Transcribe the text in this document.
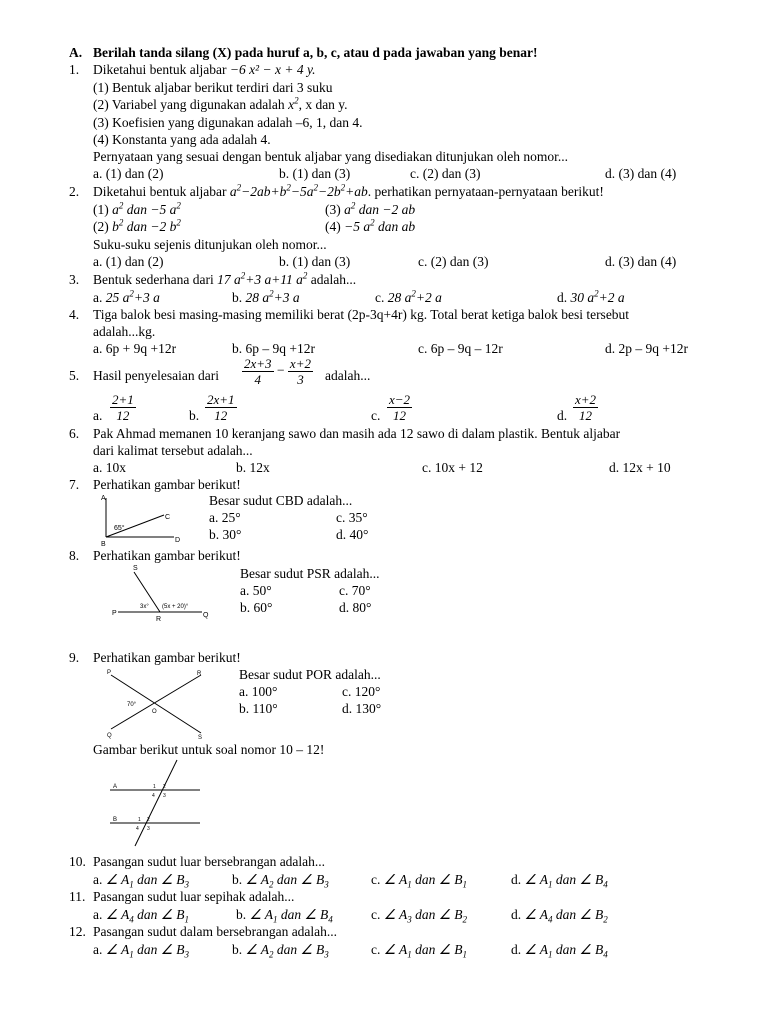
A. Berilah tanda silang (X) pada huruf a, b, c, atau d pada jawaban yang benar!
1. Diketahui bentuk aljabar −6 x² − x + 4 y.
(1) Bentuk aljabar berikut terdiri dari 3 suku
(2) Variabel yang digunakan adalah $x^2$, x dan y.
(3) Koefisien yang digunakan adalah –6, 1, dan 4.
(4) Konstanta yang ada adalah 4.
Pernyataan yang sesuai dengan bentuk aljabar yang disediakan ditunjukan oleh nomor...
a. (1) dan (2)	b. (1) dan (3)	c. (2) dan (3)	d. (3) dan (4)
2. Diketahui bentuk aljabar $a^2-2ab+b^2-5a^2-2b^2+ab$. perhatikan pernyataan-pernyataan berikut!
(1) $a^2$ dan −5 $a^2$	(3) $a^2$ dan −2 ab
(2) $b^2$ dan −2 $b^2$	(4) −5 $a^2$ dan ab
Suku-suku sejenis ditunjukan oleh nomor...
a. (1) dan (2)	b. (1) dan (3)	c. (2) dan (3)	d. (3) dan (4)
3. Bentuk sederhana dari 17 $a^2+3$ a+11 $a^2$ adalah...
a. 25 $a^2+3$ a	b. 28 $a^2+3$ a	c. 28 $a^2+2$ a	d. 30 $a^2+2$ a
4. Tiga balok besi masing-masing memiliki berat (2p-3q+4r) kg. Total berat ketiga balok besi tersebut
adalah...kg.
a. 6p + 9q +12r	b. 6p – 9q +12r	c. 6p – 9q – 12r	d. 2p – 9q +12r
5. Hasil penyelesaian dari $\frac{2x+3}{4} - \frac{x+2}{3}$ adalah...
a. $\frac{2+1}{12}$	b. $\frac{2x+1}{12}$	c. $\frac{x-2}{12}$	d. $\frac{x+2}{12}$
6. Pak Ahmad memanen 10 keranjang sawo dan masih ada 12 sawo di dalam plastik. Bentuk aljabar
dari kalimat tersebut adalah...
a. 10x	b. 12x	c. 10x + 12	d. 12x + 10
7. Perhatikan gambar berikut!
A
B
C
D
65°
Besar sudut CBD adalah...
a. 25°	c. 35°
b. 30°	d. 40°
8. Perhatikan gambar berikut!
S
P
R
Q
3x° (5x + 20)°
Besar sudut PSR adalah...
a. 50°	c. 70°
b. 60°	d. 80°
9. Perhatikan gambar berikut!
P	R
Q	S
O
70°
Besar sudut POR adalah...
a. 100°	c. 120°
b. 110°	d. 130°
Gambar berikut untuk soal nomor 10 – 12!
A
B
1 2
3
4
1 2
3
4
10. Pasangan sudut luar bersebrangan adalah...
a. ∠ $A_1$ dan ∠ $B_3$	b. ∠ $A_2$ dan ∠ $B_3$	c. ∠ $A_1$ dan ∠ $B_1$	d. ∠ $A_1$ dan ∠ $B_4$
11. Pasangan sudut luar sepihak adalah...
a. ∠ $A_4$ dan ∠ $B_1$	b. ∠ $A_1$ dan ∠ $B_4$	c. ∠ $A_3$ dan ∠ $B_2$	d. ∠ $A_4$ dan ∠ $B_2$
12. Pasangan sudut dalam bersebrangan adalah...
a. ∠ $A_1$ dan ∠ $B_3$	b. ∠ $A_2$ dan ∠ $B_3$	c. ∠ $A_1$ dan ∠ $B_1$	d. ∠ $A_1$ dan ∠ $B_4$
